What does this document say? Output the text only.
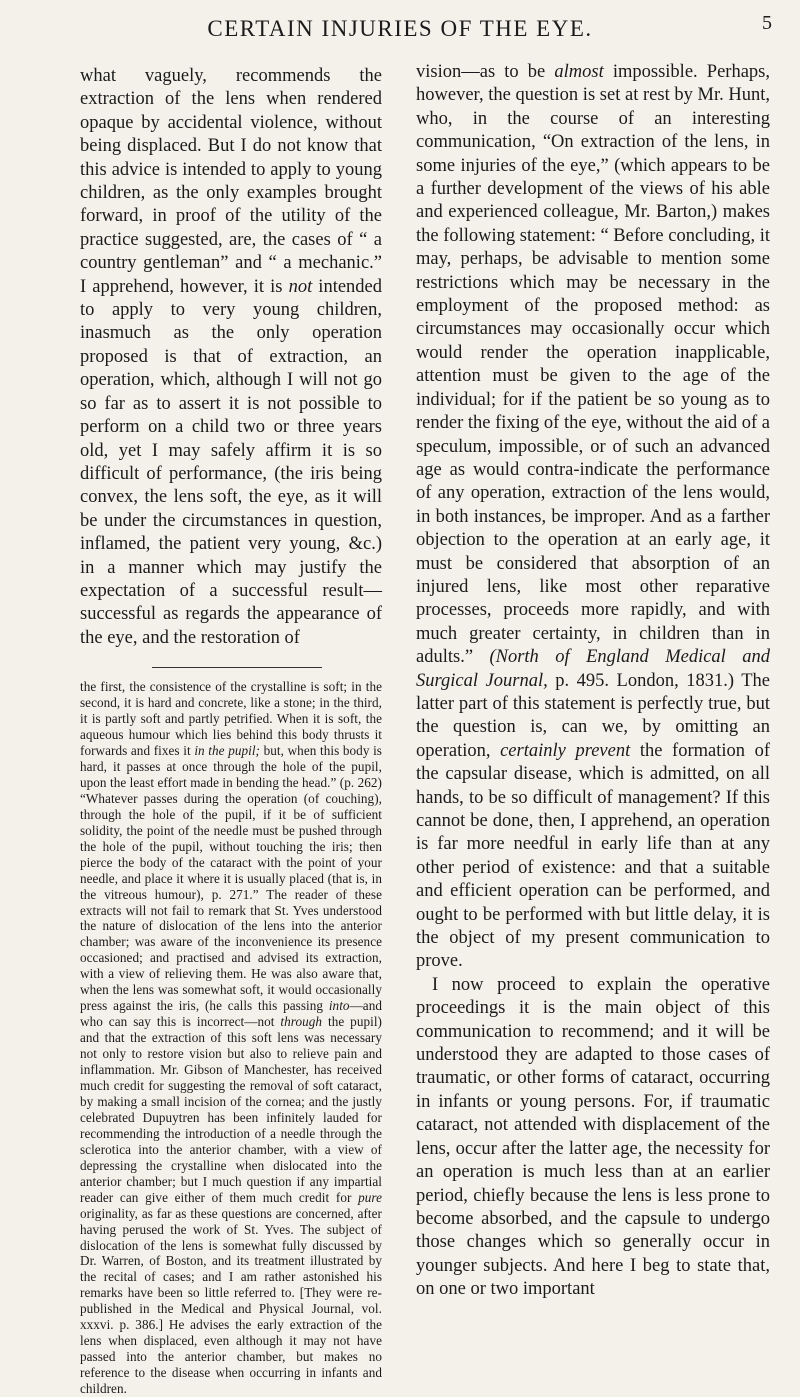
CERTAIN INJURIES OF THE EYE.	5

what vaguely, recommends the extraction of the lens when rendered opaque by accidental violence, without being displaced. But I do not know that this advice is intended to apply to young children, as the only examples brought forward, in proof of the utility of the practice suggested, are, the cases of “ a country gentleman” and “ a mechanic.” I apprehend, however, it is not intended to apply to very young children, inasmuch as the only operation proposed is that of extraction, an operation, which, although I will not go so far as to assert it is not possible to perform on a child two or three years old, yet I may safely affirm it is so difficult of performance, (the iris being convex, the lens soft, the eye, as it will be under the circumstances in question, inflamed, the patient very young, &c.) in a manner which may justify the expectation of a successful result—successful as regards the appearance of the eye, and the restoration of

the first, the consistence of the crystalline is soft; in the second, it is hard and concrete, like a stone; in the third, it is partly soft and partly petrified. When it is soft, the aqueous humour which lies behind this body thrusts it forwards and fixes it in the pupil; but, when this body is hard, it passes at once through the hole of the pupil, upon the least effort made in bending the head.” (p. 262) “Whatever passes during the operation (of couching), through the hole of the pupil, if it be of sufficient solidity, the point of the needle must be pushed through the hole of the pupil, without touching the iris; then pierce the body of the cataract with the point of your needle, and place it where it is usually placed (that is, in the vitreous humour), p. 271.” The reader of these extracts will not fail to remark that St. Yves understood the nature of dislocation of the lens into the anterior chamber; was aware of the inconvenience its presence occasioned; and practised and advised its extraction, with a view of relieving them. He was also aware that, when the lens was somewhat soft, it would occasionally press against the iris, (he calls this passing into—and who can say this is incorrect—not through the pupil) and that the extraction of this soft lens was necessary not only to restore vision but also to relieve pain and inflammation. Mr. Gibson of Manchester, has received much credit for suggesting the removal of soft cataract, by making a small incision of the cornea; and the justly celebrated Dupuytren has been infinitely lauded for recommending the introduction of a needle through the sclerotica into the anterior chamber, with a view of depressing the crystalline when dislocated into the anterior chamber; but I much question if any impartial reader can give either of them much credit for pure originality, as far as these questions are concerned, after having perused the work of St. Yves. The subject of dislocation of the lens is somewhat fully discussed by Dr. Warren, of Boston, and its treatment illustrated by the recital of cases; and I am rather astonished his remarks have been so little referred to. [They were re-published in the Medical and Physical Journal, vol. xxxvi. p. 386.] He advises the early extraction of the lens when displaced, even although it may not have passed into the anterior chamber, but makes no reference to the disease when occurring in infants and children.

vision—as to be almost impossible. Perhaps, however, the question is set at rest by Mr. Hunt, who, in the course of an interesting communication, “On extraction of the lens, in some injuries of the eye,” (which appears to be a further development of the views of his able and experienced colleague, Mr. Barton,) makes the following statement: “ Before concluding, it may, perhaps, be advisable to mention some restrictions which may be necessary in the employment of the proposed method: as circumstances may occasionally occur which would render the operation inapplicable, attention must be given to the age of the individual; for if the patient be so young as to render the fixing of the eye, without the aid of a speculum, impossible, or of such an advanced age as would contra-indicate the performance of any operation, extraction of the lens would, in both instances, be improper. And as a farther objection to the operation at an early age, it must be considered that absorption of an injured lens, like most other reparative processes, proceeds more rapidly, and with much greater certainty, in children than in adults.” (North of England Medical and Surgical Journal, p. 495. London, 1831.) The latter part of this statement is perfectly true, but the question is, can we, by omitting an operation, certainly prevent the formation of the capsular disease, which is admitted, on all hands, to be so difficult of management? If this cannot be done, then, I apprehend, an operation is far more needful in early life than at any other period of existence: and that a suitable and efficient operation can be performed, and ought to be performed with but little delay, it is the object of my present communication to prove.

I now proceed to explain the operative proceedings it is the main object of this communication to recommend; and it will be understood they are adapted to those cases of traumatic, or other forms of cataract, occurring in infants or young persons. For, if traumatic cataract, not attended with displacement of the lens, occur after the latter age, the necessity for an operation is much less than at an earlier period, chiefly because the lens is less prone to become absorbed, and the capsule to undergo those changes which so generally occur in younger subjects. And here I beg to state that, on one or two important
